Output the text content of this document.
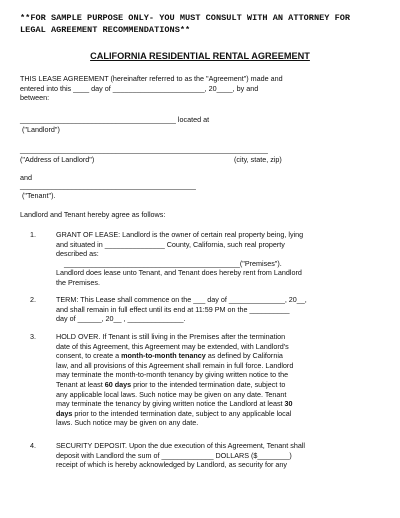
**FOR SAMPLE PURPOSE ONLY- YOU MUST CONSULT WITH AN ATTORNEY FOR LEGAL AGREEMENT RECOMMENDATIONS**
CALIFORNIA RESIDENTIAL RENTAL AGREEMENT
THIS LEASE AGREEMENT (hereinafter referred to as the "Agreement") made and
entered into this ____ day of _______________________, 20____, by and
between:
_______________________________________ located at
("Landlord")
______________________________________________________________
("Address of Landlord")	(city, state, zip)
and
____________________________________________
("Tenant").
Landlord and Tenant hereby agree as follows:
1.	GRANT OF LEASE: Landlord is the owner of certain real property being, lying
and situated in _______________ County, California, such real property
described as:
____________________________________________("Premises").
Landlord does lease unto Tenant, and Tenant does hereby rent from Landlord
the Premises.
2.	TERM: This Lease shall commence on the ___ day of ______________, 20__,
and shall remain in full effect until its end at 11:59 PM on the __________
day of ______, 20__ , ______________.
3.	HOLD OVER. If Tenant is still living in the Premises after the termination
date of this Agreement, this Agreement may be extended, with Landlord's
consent, to create a month-to-month tenancy as defined by California
law, and all provisions of this Agreement shall remain in full force. Landlord
may terminate the month-to-month tenancy by giving written notice to the
Tenant at least 60 days prior to the intended termination date, subject to
any applicable local laws. Such notice may be given on any date. Tenant
may terminate the tenancy by giving written notice the Landlord at least 30
days prior to the intended termination date, subject to any applicable local
laws. Such notice may be given on any date.
4.	SECURITY DEPOSIT. Upon the due execution of this Agreement, Tenant shall
deposit with Landlord the sum of _____________ DOLLARS ($________)
receipt of which is hereby acknowledged by Landlord, as security for any
